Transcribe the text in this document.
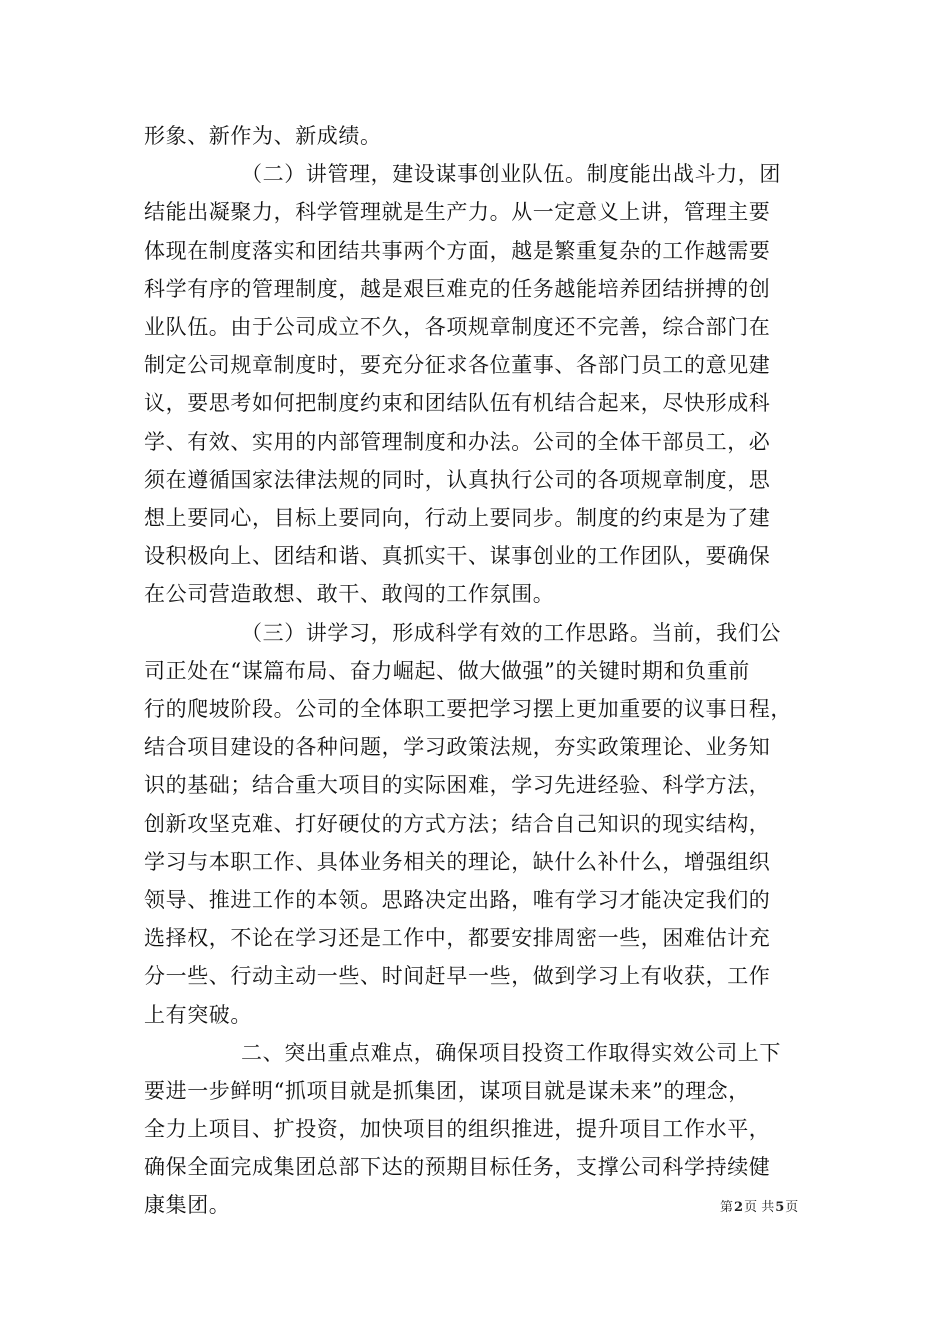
形象、新作为、新成绩。
（二）讲管理，建设谋事创业队伍。制度能出战斗力，团
结能出凝聚力，科学管理就是生产力。从一定意义上讲，管理主要
体现在制度落实和团结共事两个方面，越是繁重复杂的工作越需要
科学有序的管理制度，越是艰巨难克的任务越能培养团结拼搏的创
业队伍。由于公司成立不久，各项规章制度还不完善，综合部门在
制定公司规章制度时，要充分征求各位董事、各部门员工的意见建
议，要思考如何把制度约束和团结队伍有机结合起来，尽快形成科
学、有效、实用的内部管理制度和办法。公司的全体干部员工，必
须在遵循国家法律法规的同时，认真执行公司的各项规章制度，思
想上要同心，目标上要同向，行动上要同步。制度的约束是为了建
设积极向上、团结和谐、真抓实干、谋事创业的工作团队，要确保
在公司营造敢想、敢干、敢闯的工作氛围。
（三）讲学习，形成科学有效的工作思路。当前，我们公
司正处在“谋篇布局、奋力崛起、做大做强”的关键时期和负重前
行的爬坡阶段。公司的全体职工要把学习摆上更加重要的议事日程，
结合项目建设的各种问题，学习政策法规，夯实政策理论、业务知
识的基础；结合重大项目的实际困难，学习先进经验、科学方法，
创新攻坚克难、打好硬仗的方式方法；结合自己知识的现实结构，
学习与本职工作、具体业务相关的理论，缺什么补什么，增强组织
领导、推进工作的本领。思路决定出路，唯有学习才能决定我们的
选择权，不论在学习还是工作中，都要安排周密一些，困难估计充
分一些、行动主动一些、时间赶早一些，做到学习上有收获，工作
上有突破。
二、突出重点难点，确保项目投资工作取得实效公司上下
要进一步鲜明“抓项目就是抓集团，谋项目就是谋未来”的理念，
全力上项目、扩投资，加快项目的组织推进，提升项目工作水平，
确保全面完成集团总部下达的预期目标任务，支撑公司科学持续健
第2页 共5页
康集团。
